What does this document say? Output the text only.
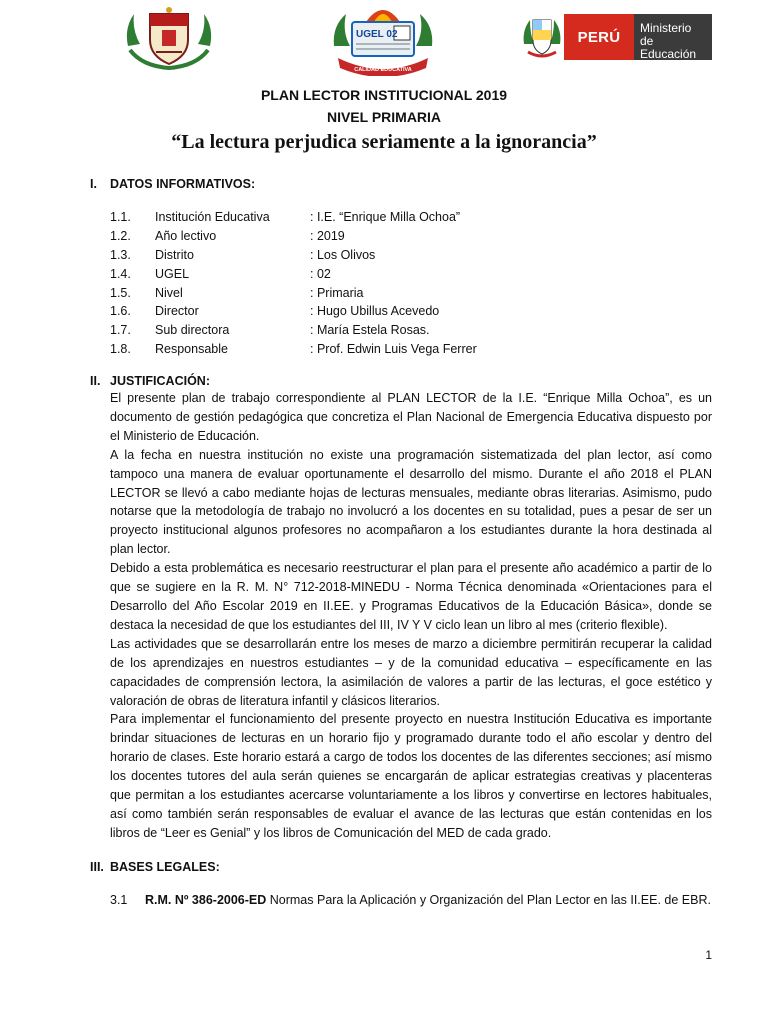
UGEL 02
CALIDAD EDUCATIVA
PERÚ
Ministerio
de Educación
PLAN LECTOR INSTITUCIONAL 2019
NIVEL PRIMARIA
“La lectura perjudica seriamente a la ignorancia”
I. DATOS INFORMATIVOS:
1.1. Institución Educativa	: I.E. “Enrique Milla Ochoa”
1.2. Año lectivo	: 2019
1.3. Distrito	: Los Olivos
1.4. UGEL	: 02
1.5. Nivel	: Primaria
1.6. Director	: Hugo Ubillus Acevedo
1.7. Sub directora	: María Estela Rosas.
1.8. Responsable	: Prof. Edwin Luis Vega Ferrer
II. JUSTIFICACIÓN:

El presente plan de trabajo correspondiente al PLAN LECTOR de la I.E. “Enrique Milla Ochoa”, es un documento de gestión pedagógica que concretiza el Plan Nacional de Emergencia Educativa dispuesto por el Ministerio de Educación.

A la fecha en nuestra institución no existe una programación sistematizada del plan lector, así como tampoco una manera de evaluar oportunamente el desarrollo del mismo. Durante el año 2018 el PLAN LECTOR se llevó a cabo mediante hojas de lecturas mensuales, mediante obras literarias. Asimismo, pudo notarse que la metodología de trabajo no involucró a los docentes en su totalidad, pues a pesar de ser un proyecto institucional algunos profesores no acompañaron a los estudiantes durante la hora destinada al plan lector.

Debido a esta problemática es necesario reestructurar el plan para el presente año académico a partir de lo que se sugiere en la R. M. N° 712-2018-MINEDU - Norma Técnica denominada «Orientaciones para el Desarrollo del Año Escolar 2019 en II.EE. y Programas Educativos de la Educación Básica», donde se destaca la necesidad de que los estudiantes del III, IV Y V ciclo lean un libro al mes (criterio flexible).

Las actividades que se desarrollarán entre los meses de marzo a diciembre permitirán recuperar la calidad de los aprendizajes en nuestros estudiantes – y de la comunidad educativa – específicamente en las capacidades de comprensión lectora, la asimilación de valores a partir de las lecturas, el goce estético y valoración de obras de literatura infantil y clásicos literarios.

Para implementar el funcionamiento del presente proyecto en nuestra Institución Educativa es importante brindar situaciones de lecturas en un horario fijo y programado durante todo el año escolar y dentro del horario de clases. Este horario estará a cargo de todos los docentes de las diferentes secciones; así mismo los docentes tutores del aula serán quienes se encargarán de aplicar estrategias creativas y placenteras que permitan a los estudiantes acercarse voluntariamente a los libros y convertirse en lectores habituales, así como también serán responsables de evaluar el avance de las lecturas que están contenidas en los libros de “Leer es Genial” y los libros de Comunicación del MED de cada grado.

III. BASES LEGALES:
3.1 R.M. Nº 386-2006-ED Normas Para la Aplicación y Organización del Plan Lector en las II.EE. de EBR.
1
